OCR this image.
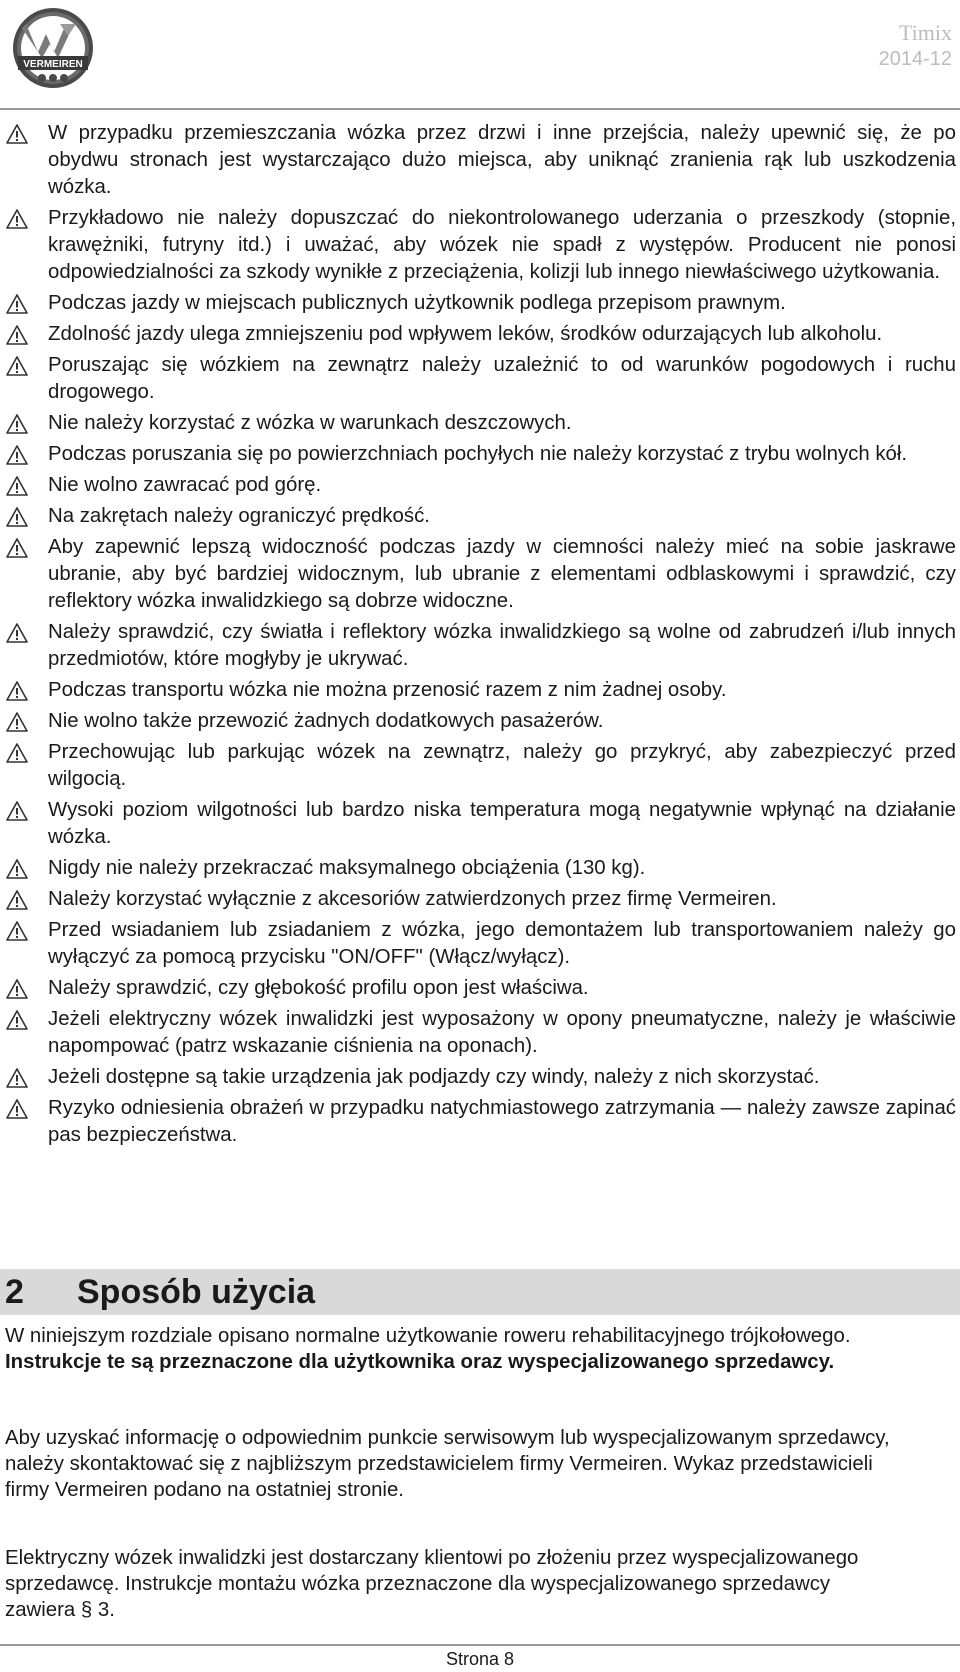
VERMEIREN
Timix
2014-12
W przypadku przemieszczania wózka przez drzwi i inne przejścia, należy upewnić się, że po obydwu stronach jest wystarczająco dużo miejsca, aby uniknąć zranienia rąk lub uszkodzenia wózka.
Przykładowo nie należy dopuszczać do niekontrolowanego uderzania o przeszkody (stopnie, krawężniki, futryny itd.) i uważać, aby wózek nie spadł z występów. Producent nie ponosi odpowiedzialności za szkody wynikłe z przeciążenia, kolizji lub innego niewłaściwego użytkowania.
Podczas jazdy w miejscach publicznych użytkownik podlega przepisom prawnym.
Zdolność jazdy ulega zmniejszeniu pod wpływem leków, środków odurzających lub alkoholu.
Poruszając się wózkiem na zewnątrz należy uzależnić to od warunków pogodowych i ruchu drogowego.
Nie należy korzystać z wózka w warunkach deszczowych.
Podczas poruszania się po powierzchniach pochyłych nie należy korzystać z trybu wolnych kół.
Nie wolno zawracać pod górę.
Na zakrętach należy ograniczyć prędkość.
Aby zapewnić lepszą widoczność podczas jazdy w ciemności należy mieć na sobie jaskrawe ubranie, aby być bardziej widocznym, lub ubranie z elementami odblaskowymi i sprawdzić, czy reflektory wózka inwalidzkiego są dobrze widoczne.
Należy sprawdzić, czy światła i reflektory wózka inwalidzkiego są wolne od zabrudzeń i/lub innych przedmiotów, które mogłyby je ukrywać.
Podczas transportu wózka nie można przenosić razem z nim żadnej osoby.
Nie wolno także przewozić żadnych dodatkowych pasażerów.
Przechowując lub parkując wózek na zewnątrz, należy go przykryć, aby zabezpieczyć przed wilgocią.
Wysoki poziom wilgotności lub bardzo niska temperatura mogą negatywnie wpłynąć na działanie wózka.
Nigdy nie należy przekraczać maksymalnego obciążenia (130 kg).
Należy korzystać wyłącznie z akcesoriów zatwierdzonych przez firmę Vermeiren.
Przed wsiadaniem lub zsiadaniem z wózka, jego demontażem lub transportowaniem należy go wyłączyć za pomocą przycisku "ON/OFF" (Włącz/wyłącz).
Należy sprawdzić, czy głębokość profilu opon jest właściwa.
Jeżeli elektryczny wózek inwalidzki jest wyposażony w opony pneumatyczne, należy je właściwie napompować (patrz wskazanie ciśnienia na oponach).
Jeżeli dostępne są takie urządzenia jak podjazdy czy windy, należy z nich skorzystać.
Ryzyko odniesienia obrażeń w przypadku natychmiastowego zatrzymania — należy zawsze zapinać pas bezpieczeństwa.
2 Sposób użycia

W niniejszym rozdziale opisano normalne użytkowanie roweru rehabilitacyjnego trójkołowego. Instrukcje te są przeznaczone dla użytkownika oraz wyspecjalizowanego sprzedawcy.

Aby uzyskać informację o odpowiednim punkcie serwisowym lub wyspecjalizowanym sprzedawcy, należy skontaktować się z najbliższym przedstawicielem firmy Vermeiren. Wykaz przedstawicieli firmy Vermeiren podano na ostatniej stronie.

Elektryczny wózek inwalidzki jest dostarczany klientowi po złożeniu przez wyspecjalizowanego sprzedawcę. Instrukcje montażu wózka przeznaczone dla wyspecjalizowanego sprzedawcy zawiera § 3.

Strona 8
